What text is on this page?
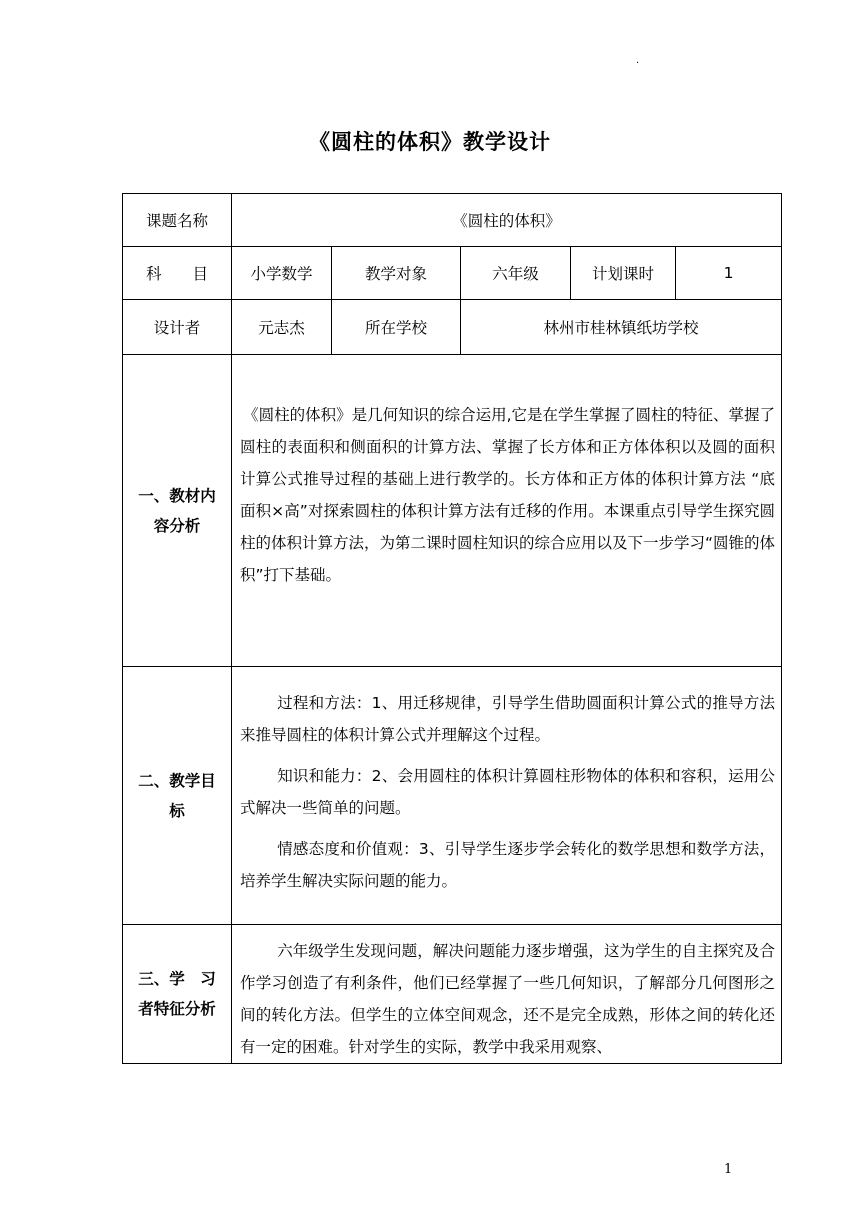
·
《圆柱的体积》教学设计
课题名称	《圆柱的体积》				
科　　目	小学数学	教学对象	六年级	计划课时	1
设计者	元志杰	所在学校	林州市桂林镇纸坊学校		

一、教材内容分析	《圆柱的体积》是几何知识的综合运用,它是在学生掌握了圆柱的特征、掌握了圆柱的表面积和侧面积的计算方法、掌握了长方体和正方体体积以及圆的面积计算公式推导过程的基础上进行教学的。长方体和正方体的体积计算方法 “底面积×高”对探索圆柱的体积计算方法有迁移的作用。本课重点引导学生探究圆柱的体积计算方法，为第二课时圆柱知识的综合应用以及下一步学习“圆锥的体积”打下基础。				

二、教学目标	过程和方法：1、用迁移规律，引导学生借助圆面积计算公式的推导方法来推导圆柱的体积计算公式并理解这个过程。

知识和能力：2、会用圆柱的体积计算圆柱形物体的体积和容积，运用公式解决一些简单的问题。

情感态度和价值观：3、引导学生逐步学会转化的数学思想和数学方法，培养学生解决实际问题的能力。				

三、学　习
者特征分析	六年级学生发现问题，解决问题能力逐步增强，这为学生的自主探究及合作学习创造了有利条件，他们已经掌握了一些几何知识，了解部分几何图形之间的转化方法。但学生的立体空间观念，还不是完全成熟，形体之间的转化还有一定的困难。针对学生的实际，教学中我采用观察、				

1
